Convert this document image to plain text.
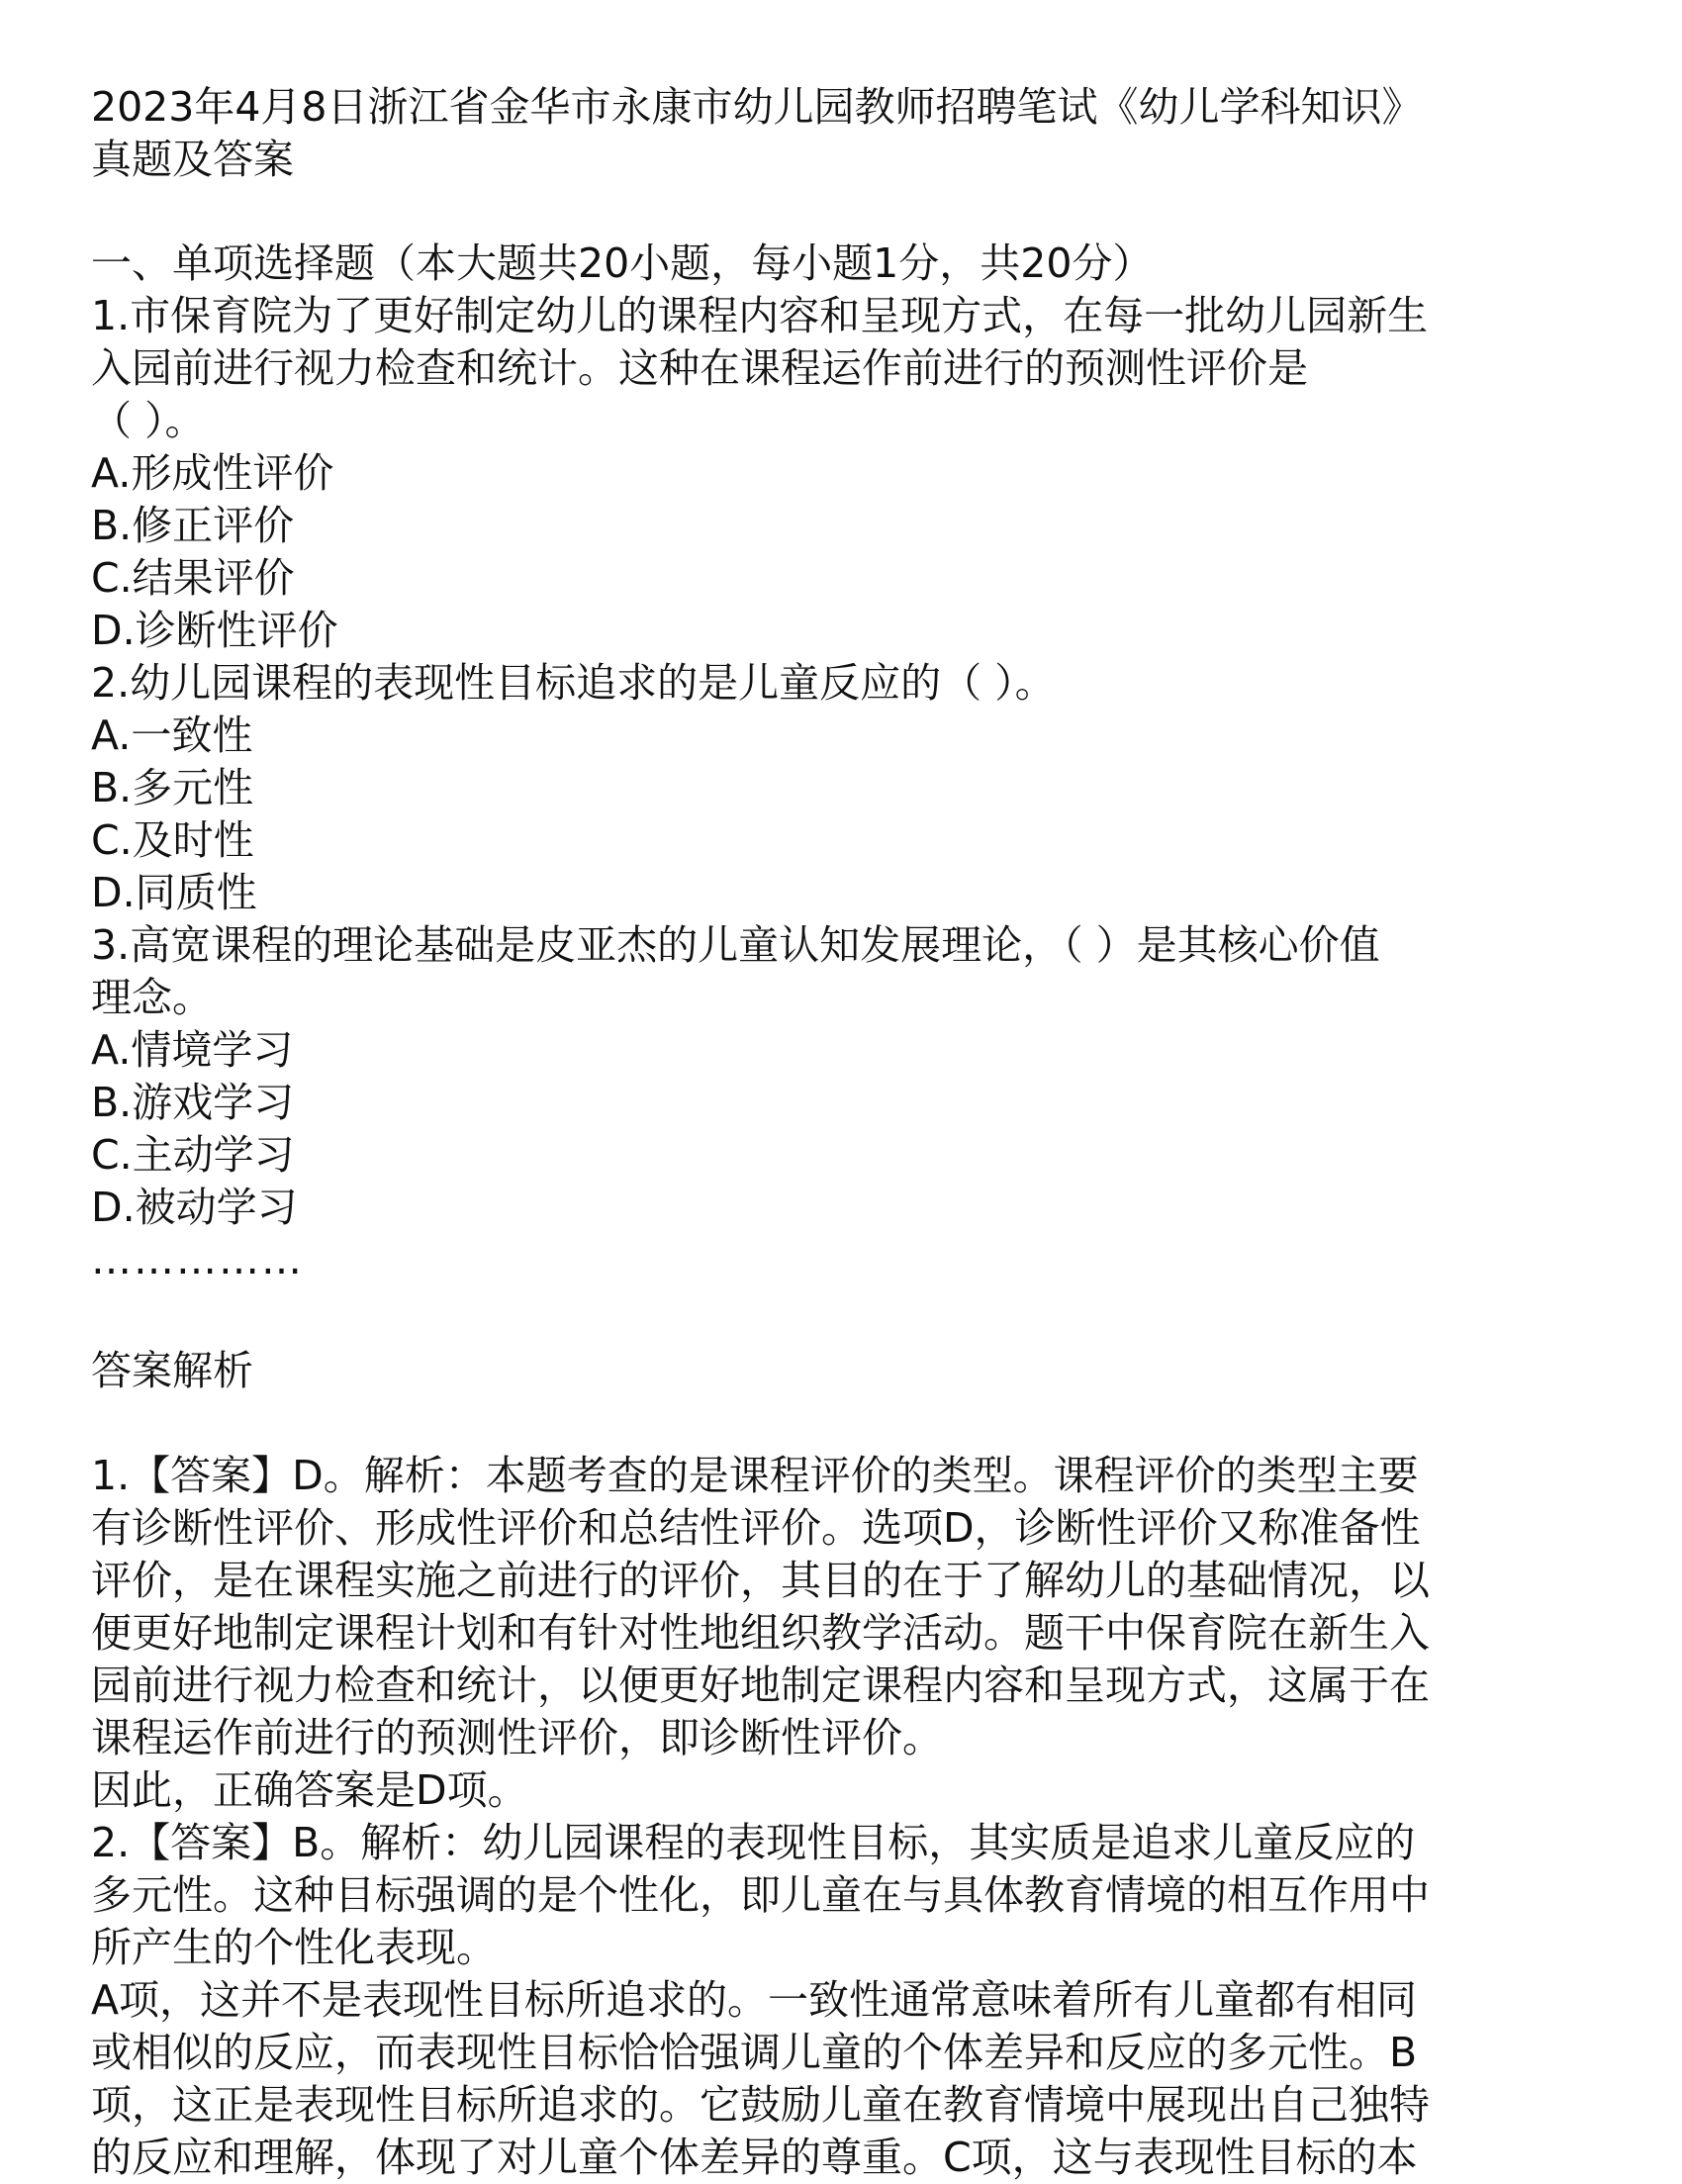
2023年4月8日浙江省金华市永康市幼儿园教师招聘笔试《幼儿学科知识》
真题及答案
一、单项选择题（本大题共20小题，每小题1分，共20分）
1.市保育院为了更好制定幼儿的课程内容和呈现方式，在每一批幼儿园新生
入园前进行视力检查和统计。这种在课程运作前进行的预测性评价是
（ ）。
A.形成性评价
B.修正评价
C.结果评价
D.诊断性评价
2.幼儿园课程的表现性目标追求的是儿童反应的（ ）。
A.一致性
B.多元性
C.及时性
D.同质性
3.高宽课程的理论基础是皮亚杰的儿童认知发展理论，（ ）是其核心价值
理念。
A.情境学习
B.游戏学习
C.主动学习
D.被动学习
……………
答案解析
1.【答案】D。解析：本题考查的是课程评价的类型。课程评价的类型主要
有诊断性评价、形成性评价和总结性评价。选项D，诊断性评价又称准备性
评价，是在课程实施之前进行的评价，其目的在于了解幼儿的基础情况，以
便更好地制定课程计划和有针对性地组织教学活动。题干中保育院在新生入
园前进行视力检查和统计，以便更好地制定课程内容和呈现方式，这属于在
课程运作前进行的预测性评价，即诊断性评价。
因此，正确答案是D项。
2.【答案】B。解析：幼儿园课程的表现性目标，其实质是追求儿童反应的
多元性。这种目标强调的是个性化，即儿童在与具体教育情境的相互作用中
所产生的个性化表现。
A项，这并不是表现性目标所追求的。一致性通常意味着所有儿童都有相同
或相似的反应，而表现性目标恰恰强调儿童的个体差异和反应的多元性。B
项，这正是表现性目标所追求的。它鼓励儿童在教育情境中展现出自己独特
的反应和理解，体现了对儿童个体差异的尊重。C项，这与表现性目标的本
